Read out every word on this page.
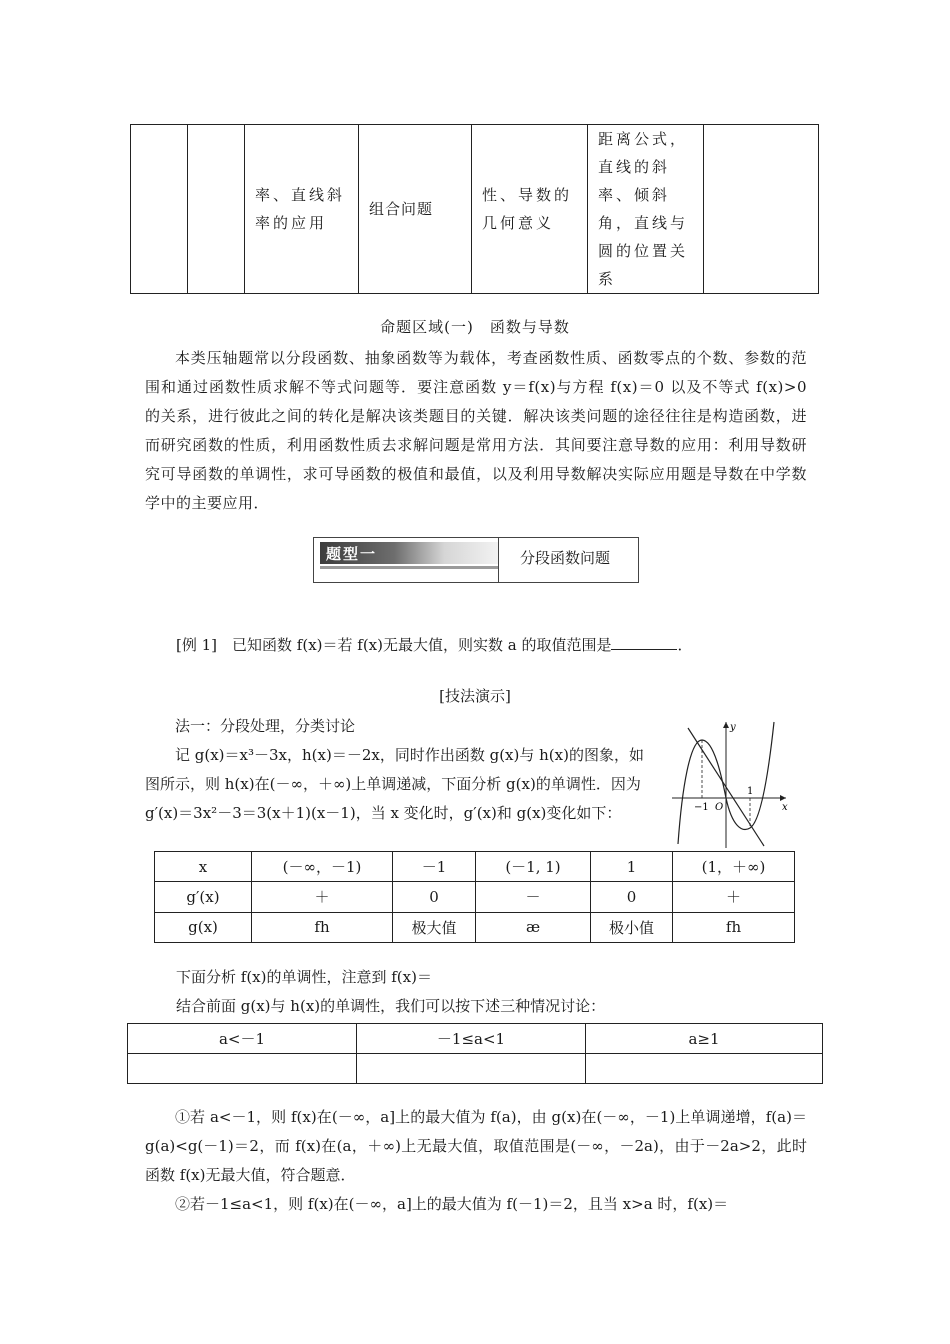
		率、直线斜率的应用	组合问题	性、导数的几何意义	距离公式，直线的斜率、倾斜角，直线与圆的位置关系	
命题区域(一)　函数与导数
本类压轴题常以分段函数、抽象函数等为载体，考查函数性质、函数零点的个数、参数的范围和通过函数性质求解不等式问题等．要注意函数 y＝f(x)与方程 f(x)＝0 以及不等式 f(x)>0 的关系，进行彼此之间的转化是解决该类题目的关键．解决该类问题的途径往往是构造函数，进而研究函数的性质，利用函数性质去求解问题是常用方法．其间要注意导数的应用：利用导数研究可导函数的单调性，求可导函数的极值和最值，以及利用导数解决实际应用题是导数在中学数学中的主要应用．
题型一	分段函数问题
[例 1]　已知函数 f(x)＝若 f(x)无最大值，则实数 a 的取值范围是	．
[技法演示]

法一：分段处理，分类讨论

记 g(x)＝x³－3x，h(x)＝－2x，同时作出函数 g(x)与 h(x)的图象，如图所示，则 h(x)在(－∞，＋∞)上单调递减，下面分析 g(x)的单调性．因为 g′(x)＝3x²－3＝3(x＋1)(x－1)，当 x 变化时，g′(x)和 g(x)变化如下：

y
x
O
−1
1
x	(－∞，－1)	－1	(－1, 1)	1	(1，＋∞)
g′(x)	＋	0	－	0	＋
g(x)	fh	极大值	æ	极小值	fh
下面分析 f(x)的单调性，注意到 f(x)＝
结合前面 g(x)与 h(x)的单调性，我们可以按下述三种情况讨论：
a<－1	－1≤a<1	a≥1

①若 a<－1，则 f(x)在(－∞，a]上的最大值为 f(a)，由 g(x)在(－∞，－1)上单调递增，f(a)＝g(a)<g(－1)＝2，而 f(x)在(a，＋∞)上无最大值，取值范围是(－∞，－2a)，由于－2a>2，此时函数 f(x)无最大值，符合题意．

②若－1≤a<1，则 f(x)在(－∞，a]上的最大值为 f(－1)＝2，且当 x>a 时，f(x)＝
